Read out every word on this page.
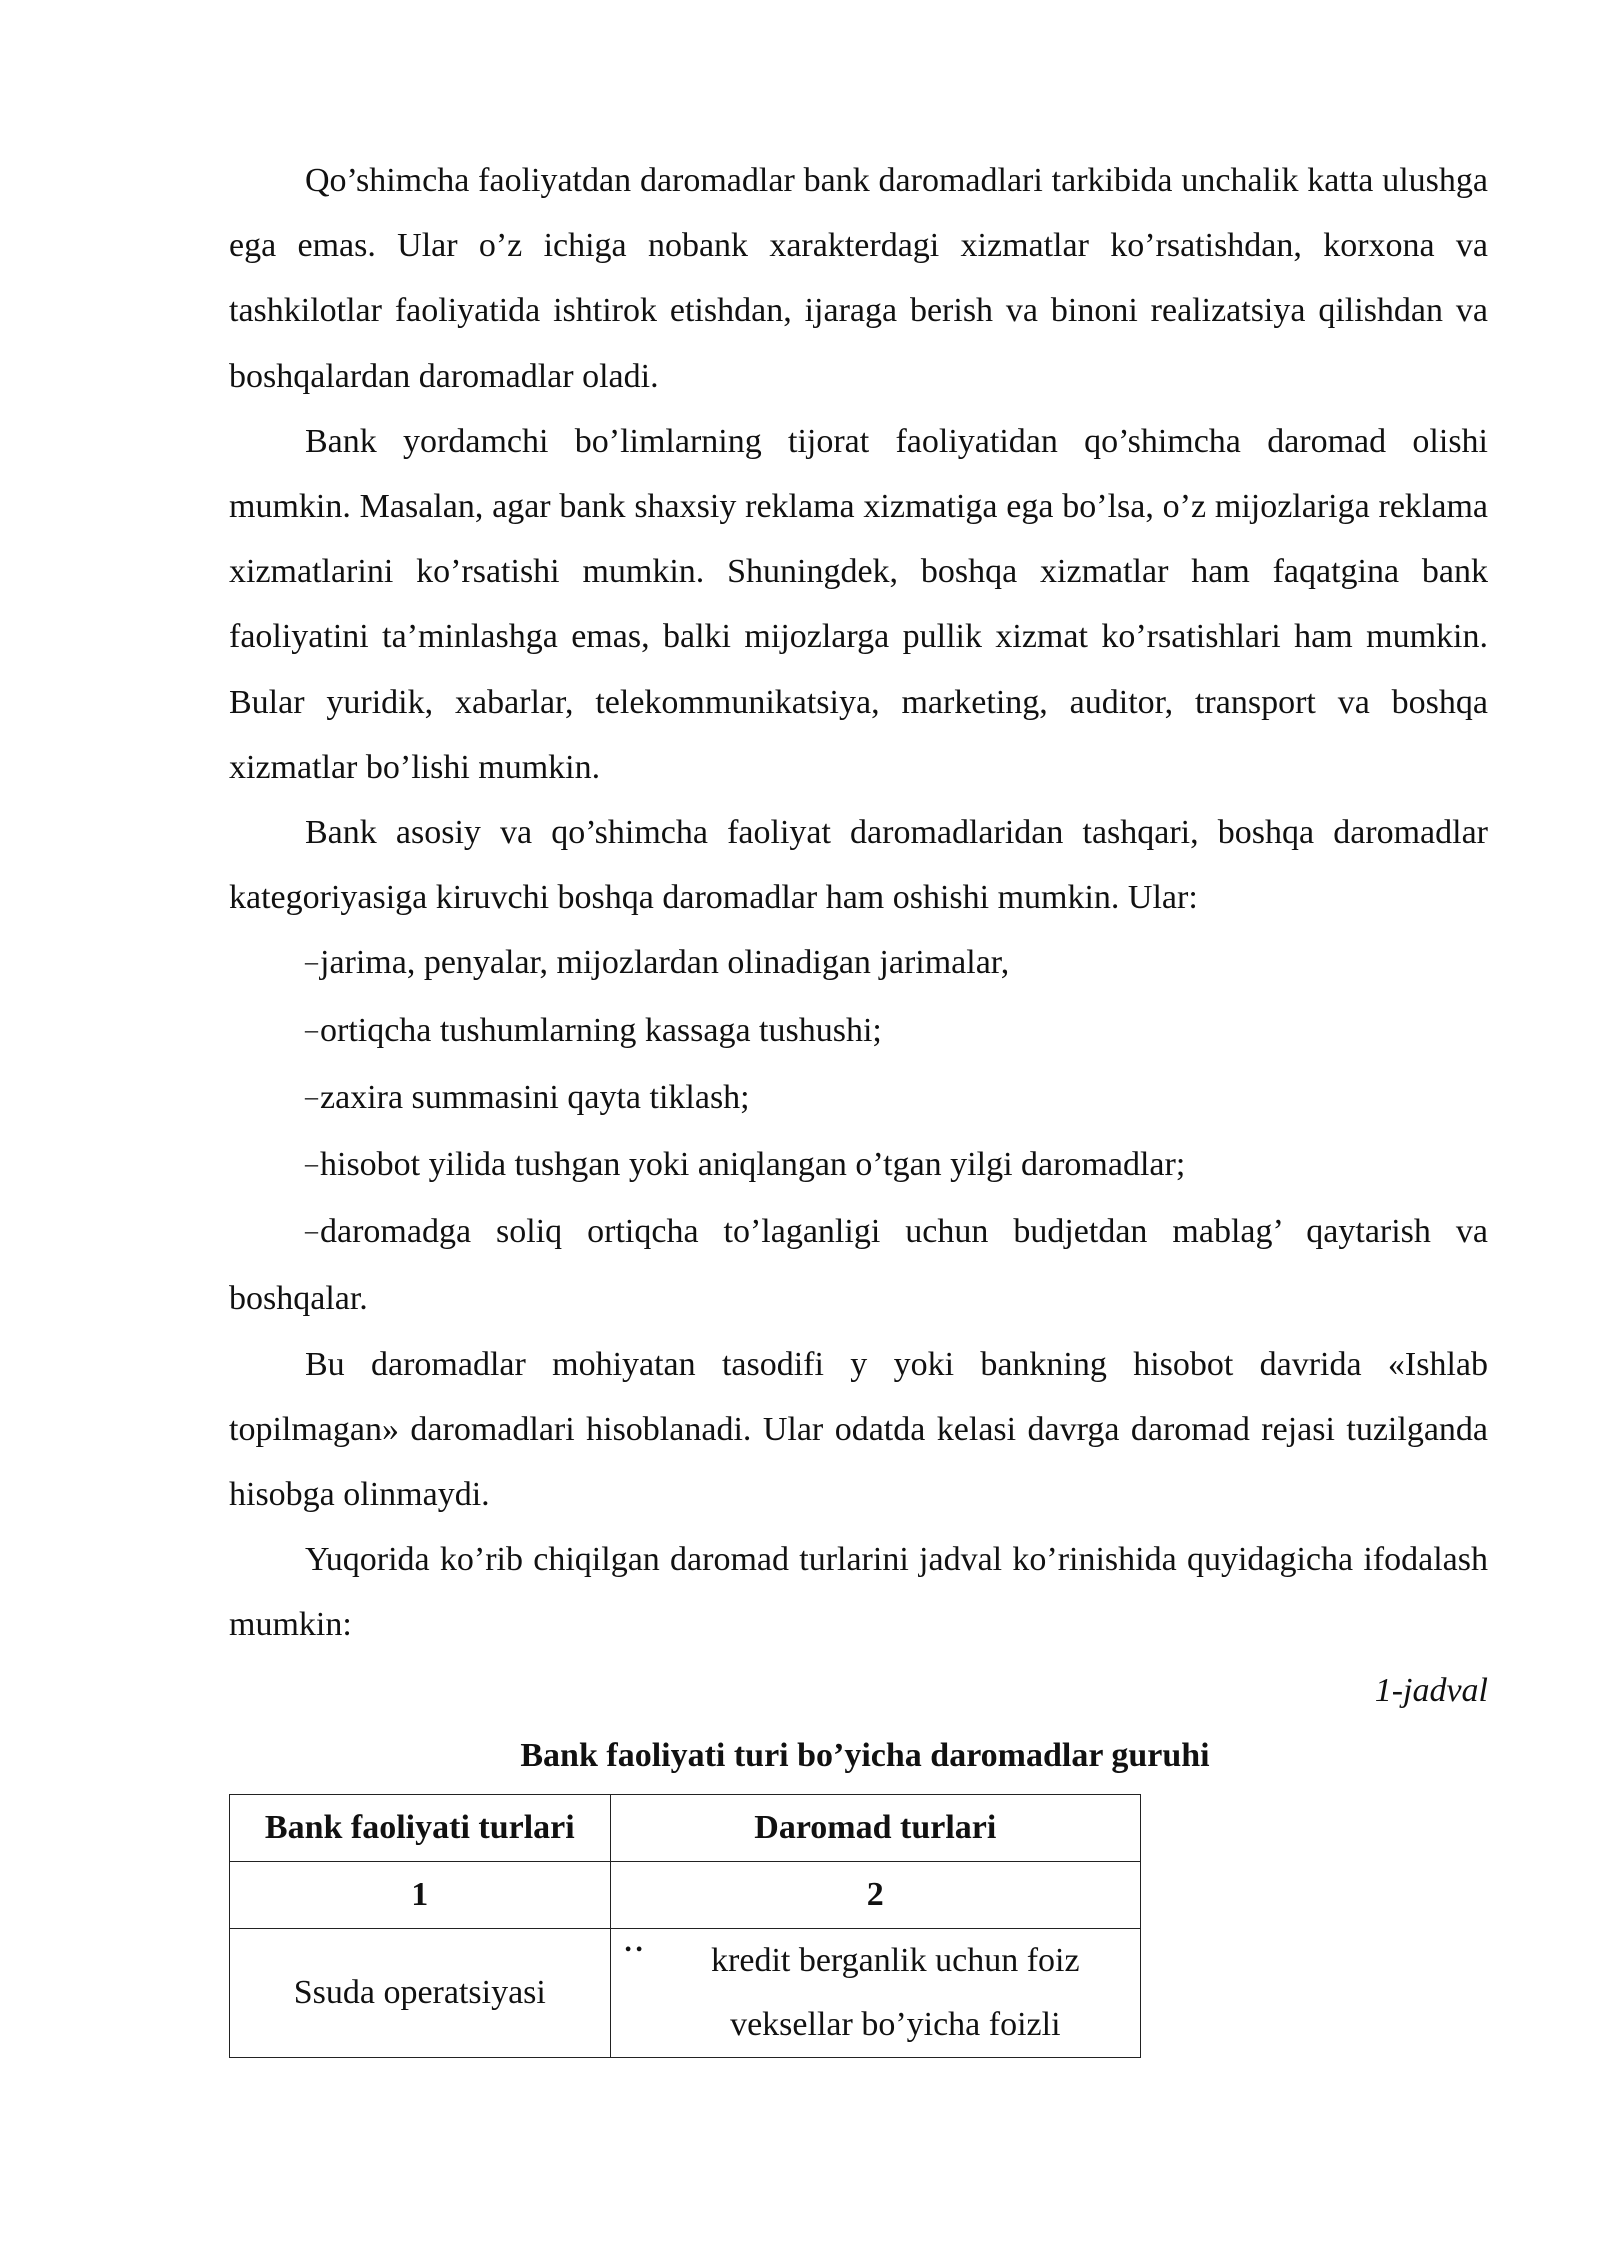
Qo’shimcha faoliyatdan daromadlar bank daromadlari tarkibida unchalik katta ulushga ega emas. Ular o’z ichiga nobank xarakterdagi xizmatlar ko’rsatishdan, korxona va tashkilotlar faoliyatida ishtirok etishdan, ijaraga berish va binoni realizatsiya qilishdan va boshqalardan daromadlar oladi.

Bank yordamchi bo’limlarning tijorat faoliyatidan qo’shimcha daromad olishi mumkin. Masalan, agar bank shaxsiy reklama xizmatiga ega bo’lsa, o’z mijozlariga reklama xizmatlarini ko’rsatishi mumkin. Shuningdek, boshqa xizmatlar ham faqatgina bank faoliyatini ta’minlashga emas, balki mijozlarga pullik xizmat ko’rsatishlari ham mumkin. Bular yuridik, xabarlar, telekommunikatsiya, marketing, auditor, transport va boshqa xizmatlar bo’lishi mumkin.

Bank asosiy va qo’shimcha faoliyat daromadlaridan tashqari, boshqa daromadlar kategoriyasiga kiruvchi boshqa daromadlar ham oshishi mumkin. Ular:

–jarima, penyalar, mijozlardan olinadigan jarimalar,

–ortiqcha tushumlarning kassaga tushushi;

–zaxira summasini qayta tiklash;

–hisobot yilida tushgan yoki aniqlangan o’tgan yilgi daromadlar;

–daromadga soliq ortiqcha to’laganligi uchun budjetdan mablag’ qaytarish va boshqalar.

Bu daromadlar mohiyatan tasodifi y yoki bankning hisobot davrida «Ishlab topilmagan» daromadlari hisoblanadi. Ular odatda kelasi davrga daromad rejasi tuzilganda hisobga olinmaydi.

Yuqorida ko’rib chiqilgan daromad turlarini jadval ko’rinishida quyidagicha ifodalash mumkin:

1-jadval

Bank faoliyati turi bo’yicha daromadlar guruhi

Bank faoliyati turlari	Daromad turlari
1	2
Ssuda operatsiyasi	•• kredit berganlik uchun foiz
veksellar bo’yicha foizli
